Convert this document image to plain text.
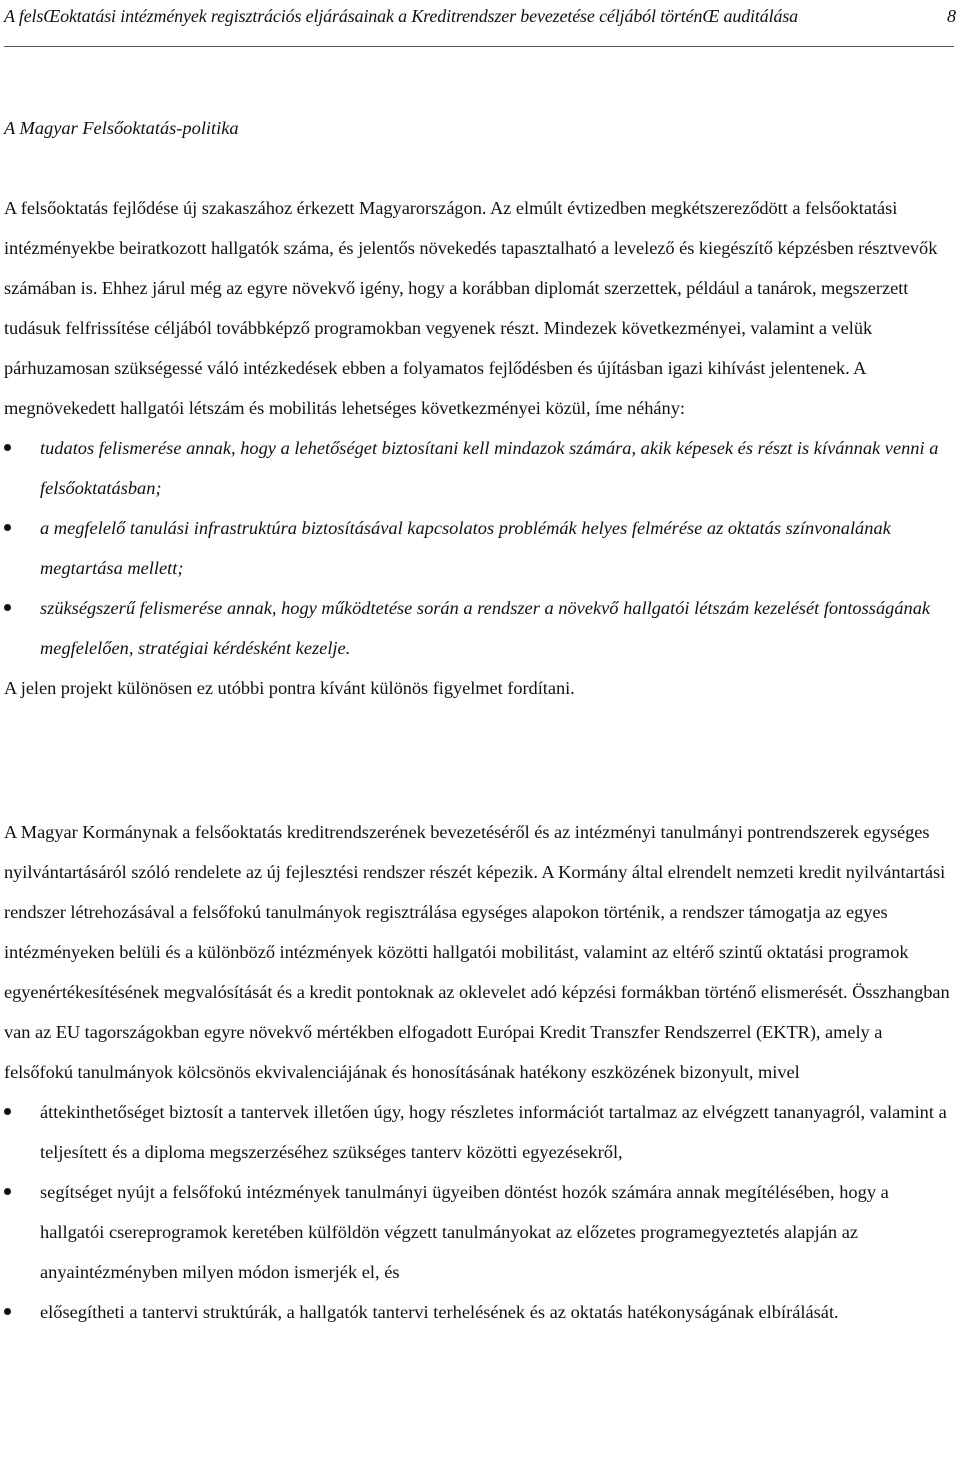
A felsŒoktatási intézmények regisztrációs eljárásainak a Kreditrendszer bevezetése céljából történŒ auditálása	8
A Magyar Felsőoktatás-politika

A felsőoktatás fejlődése új szakaszához érkezett Magyarországon. Az elmúlt évtizedben megkétszereződött a felsőoktatási intézményekbe beiratkozott hallgatók száma, és jelentős növekedés tapasztalható a levelező és kiegészítő képzésben résztvevők számában is. Ehhez járul még az egyre növekvő igény, hogy a korábban diplomát szerzettek, például a tanárok, megszerzett tudásuk felfrissítése céljából továbbképző programokban vegyenek részt. Mindezek következményei, valamint a velük párhuzamosan szükségessé váló intézkedések ebben a folyamatos fejlődésben és újításban igazi kihívást jelentenek. A megnövekedett hallgatói létszám és mobilitás lehetséges következményei közül, íme néhány:

tudatos felismerése annak, hogy a lehetőséget biztosítani kell mindazok számára, akik képesek és részt is kívánnak venni a felsőoktatásban;
a megfelelő tanulási infrastruktúra biztosításával kapcsolatos problémák helyes felmérése az oktatás színvonalának megtartása mellett;
szükségszerű felismerése annak, hogy működtetése során a rendszer a növekvő hallgatói létszám kezelését fontosságának megfelelően, stratégiai kérdésként kezelje.

A jelen projekt különösen ez utóbbi pontra kívánt különös figyelmet fordítani.

A Magyar Kormánynak a felsőoktatás kreditrendszerének bevezetéséről és az intézményi tanulmányi pontrendszerek egységes nyilvántartásáról szóló rendelete az új fejlesztési rendszer részét képezik. A Kormány által elrendelt nemzeti kredit nyilvántartási rendszer létrehozásával a felsőfokú tanulmányok regisztrálása egységes alapokon történik, a rendszer támogatja az egyes intézményeken belüli és a különböző intézmények közötti hallgatói mobilitást, valamint az eltérő szintű oktatási programok egyenértékesítésének megvalósítását és a kredit pontoknak az oklevelet adó képzési formákban történő elismerését. Összhangban van az EU tagországokban egyre növekvő mértékben elfogadott Európai Kredit Transzfer Rendszerrel (EKTR), amely a felsőfokú tanulmányok kölcsönös ekvivalenciájának és honosításának hatékony eszközének bizonyult, mivel

áttekinthetőséget biztosít a tantervek illetően úgy, hogy részletes információt tartalmaz az elvégzett tananyagról, valamint a teljesített és a diploma megszerzéséhez szükséges tanterv közötti egyezésekről,
segítséget nyújt a felsőfokú intézmények tanulmányi ügyeiben döntést hozók számára annak megítélésében, hogy a hallgatói csereprogramok keretében külföldön végzett tanulmányokat az előzetes programegyeztetés alapján az anyaintézményben milyen módon ismerjék el, és
elősegítheti a tantervi struktúrák, a hallgatók tantervi terhelésének és az oktatás hatékonyságának elbírálását.
